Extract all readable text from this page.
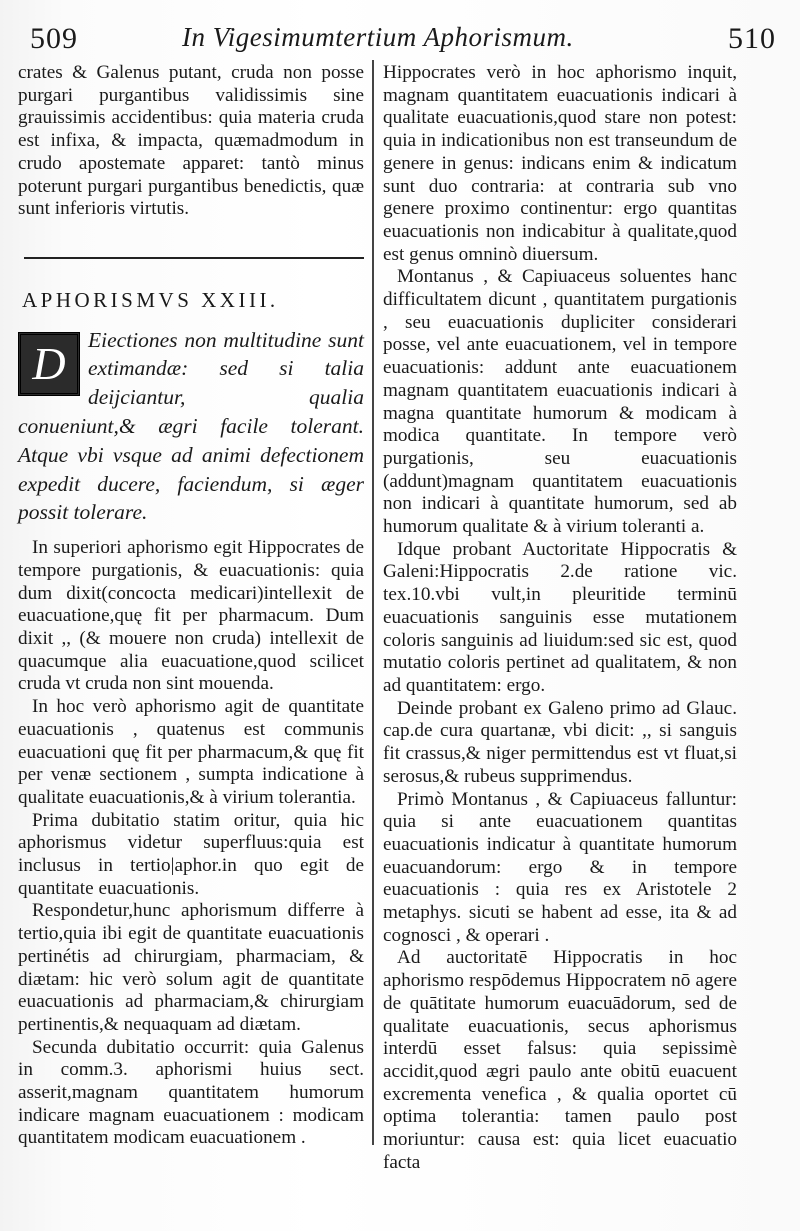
509	In Vigesimumtertium Aphorismum.	510

crates & Galenus putant, cruda non posse purgari purgantibus validissimis sine grauissimis accidentibus: quia materia cruda est infixa, & impacta, quæmadmodum in crudo apostemate apparet: tantò minus poterunt purgari purgantibus benedictis, quæ sunt inferioris virtutis.

APHORISMVS XXIII.
D	Eiectiones non multitudine sunt extimandæ: sed si talia deijciantur, qualia conueniunt,& ægri facile tolerant. Atque vbi vsque ad animi defectionem expedit ducere, faciendum, si æger possit tolerare.

In superiori aphorismo egit Hippocrates de tempore purgationis, & euacuationis: quia dum dixit(concocta medicari)intellexit de euacuatione,quę fit per pharmacum. Dum dixit ,, (& mouere non cruda) intellexit de quacumque alia euacuatione,quod scilicet cruda vt cruda non sint mouenda.

In hoc verò aphorismo agit de quantitate euacuationis , quatenus est communis euacuationi quę fit per pharmacum,& quę fit per venæ sectionem , sumpta indicatione à qualitate euacuationis,& à virium tolerantia.

Prima dubitatio statim oritur, quia hic aphorismus videtur superfluus:quia est inclusus in tertio|aphor.in quo egit de quantitate euacuationis.

Respondetur,hunc aphorismum differre à tertio,quia ibi egit de quantitate euacuationis pertinétis ad chirurgiam, pharmaciam, & diætam: hic verò solum agit de quantitate euacuationis ad pharmaciam,& chirurgiam pertinentis,& nequaquam ad diætam.

Secunda dubitatio occurrit: quia Galenus in comm.3. aphorismi huius sect. asserit,magnam quantitatem humorum indicare magnam euacuationem : modicam quantitatem modicam euacuationem .

Hippocrates verò in hoc aphorismo inquit, magnam quantitatem euacuationis indicari à qualitate euacuationis,quod stare non potest: quia in indicationibus non est transeundum de genere in genus: indicans enim & indicatum sunt duo contraria: at contraria sub vno genere proximo continentur: ergo quantitas euacuationis non indicabitur à qualitate,quod est genus omninò diuersum.

Montanus , & Capiuaceus soluentes hanc difficultatem dicunt , quantitatem purgationis , seu euacuationis dupliciter considerari posse, vel ante euacuationem, vel in tempore euacuationis: addunt ante euacuationem magnam quantitatem euacuationis indicari à magna quantitate humorum & modicam à modica quantitate. In tempore verò purgationis, seu euacuationis (addunt)magnam quantitatem euacuationis non indicari à quantitate humorum, sed ab humorum qualitate & à virium toleranti a.

Idque probant Auctoritate Hippocratis & Galeni:Hippocratis 2.de ratione vic. tex.10.vbi vult,in pleuritide terminū euacuationis sanguinis esse mutationem coloris sanguinis ad liuidum:sed sic est, quod mutatio coloris pertinet ad qualitatem, & non ad quantitatem: ergo.

Deinde probant ex Galeno primo ad Glauc. cap.de cura quartanæ, vbi dicit: ,, si sanguis fit crassus,& niger permittendus est vt fluat,si serosus,& rubeus supprimendus.

Primò Montanus , & Capiuaceus falluntur: quia si ante euacuationem quantitas euacuationis indicatur à quantitate humorum euacuandorum: ergo & in tempore euacuationis : quia res ex Aristotele 2 metaphys. sicuti se habent ad esse, ita & ad cognosci , & operari .

Ad auctoritatē Hippocratis in hoc aphorismo respōdemus Hippocratem nō agere de quātitate humorum euacuādorum, sed de qualitate euacuationis, secus aphorismus interdū esset falsus: quia sepissimè accidit,quod ægri paulo ante obitū euacuent excrementa venefica , & qualia oportet cū optima tolerantia: tamen paulo post moriuntur: causa est: quia licet euacuatio facta
